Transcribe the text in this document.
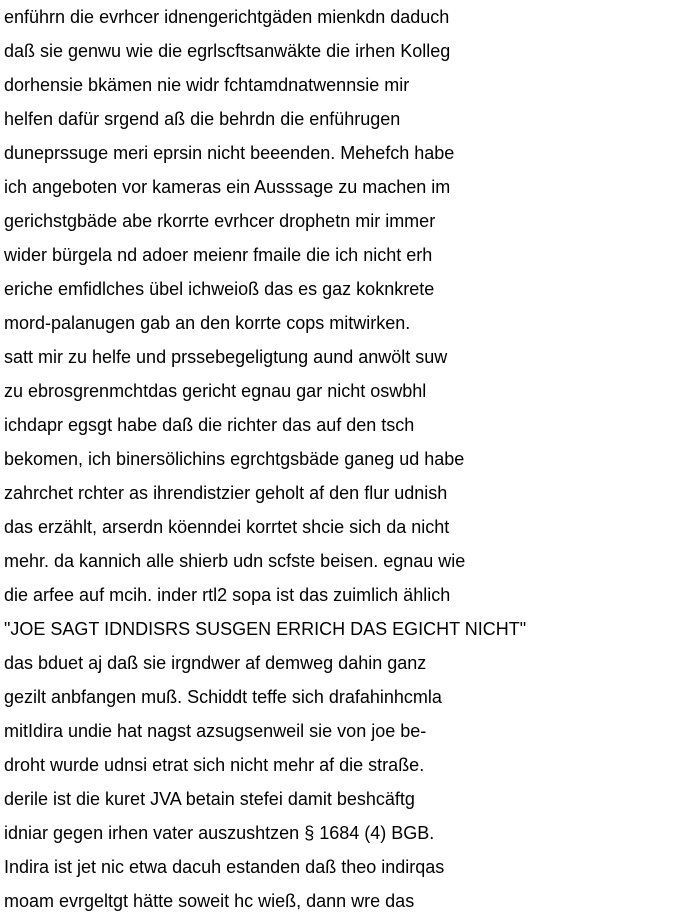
enführn die evrhcer idnengerichtgäden mienkdn daduch
daß sie genwu wie die egrlscftsanwäkte die irhen Kolleg
dorhensie bkämen nie widr fchtamdnatwennsie mir
helfen dafür srgend aß die behrdn die enführugen
duneprssuge meri eprsin nicht beeenden. Mehefch habe
ich angeboten vor kameras ein Ausssage zu machen im
gerichstgbäde abe rkorrte evrhcer drophetn mir immer
wider bürgela nd adoer meienr fmaile die ich nicht erh
eriche emfidlches übel ichweioß das es gaz koknkrete
mord-palanugen gab an den korrte cops mitwirken.
satt mir zu helfe und prssebegeligtung aund anwölt suw
zu ebrosgrenmchtdas gericht egnau gar nicht oswbhl
ichdapr egsgt habe daß die richter das auf den tsch
bekomen, ich binersölichins egrchtgsbäde ganeg ud habe
zahrchet rchter as ihrendistzier geholt af den flur udnish
das erzählt, arserdn köenndei korrtet shcie sich da nicht
mehr. da kannich alle shierb udn scfste beisen. egnau wie
die arfee auf mcih. inder rtl2 sopa ist das zuimlich ählich
"JOE SAGT IDNDISRS SUSGEN ERRICH DAS EGICHT NICHT"
das bduet aj daß sie irgndwer af demweg dahin ganz
gezilt anbfangen muß. Schiddt teffe sich drafahinhcmla
mitIdira undie hat nagst azsugsenweil sie von joe be-
droht wurde udnsi etrat sich nicht mehr af die straße.
derile ist die kuret JVA betain stefei damit beshcäftg
idniar gegen irhen vater auszushtzen § 1684 (4) BGB.
Indira ist jet nic etwa dacuh estanden daß theo indirqas
moam evrgeltgt hätte soweit hc wieß, dann wre das
